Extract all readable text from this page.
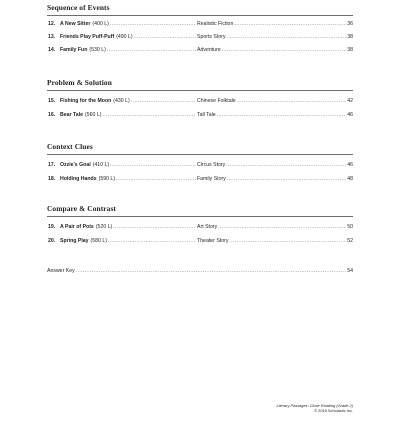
Sequence of Events
12. A New Sitter (400 L) .....	Realistic Fiction .....	36
13. Friends Play Puff-Puff (490 L) .....	Sports Story .....	38
14. Family Fun (530 L) .....	Adventure .....	38
Problem & Solution
15. Fishing for the Moon (430 L) .....	Chinese Folktale .....	42
16. Bear Tale (560 L) .....	Tall Tale .....	46
Context Clues
17. Ozzie’s Goal (410 L) .....	Circus Story .....	46
18. Holding Hands (590 L) .....	Family Story .....	48
Compare & Contrast
19. A Pair of Pots (520 L) .....	Art Story .....	50
20. Spring Play (580 L) .....	Theater Story .....	52
Answer Key .....	54
Literary Passages: Close Reading (Grade 2)
© 2016 Scholastic Inc.
